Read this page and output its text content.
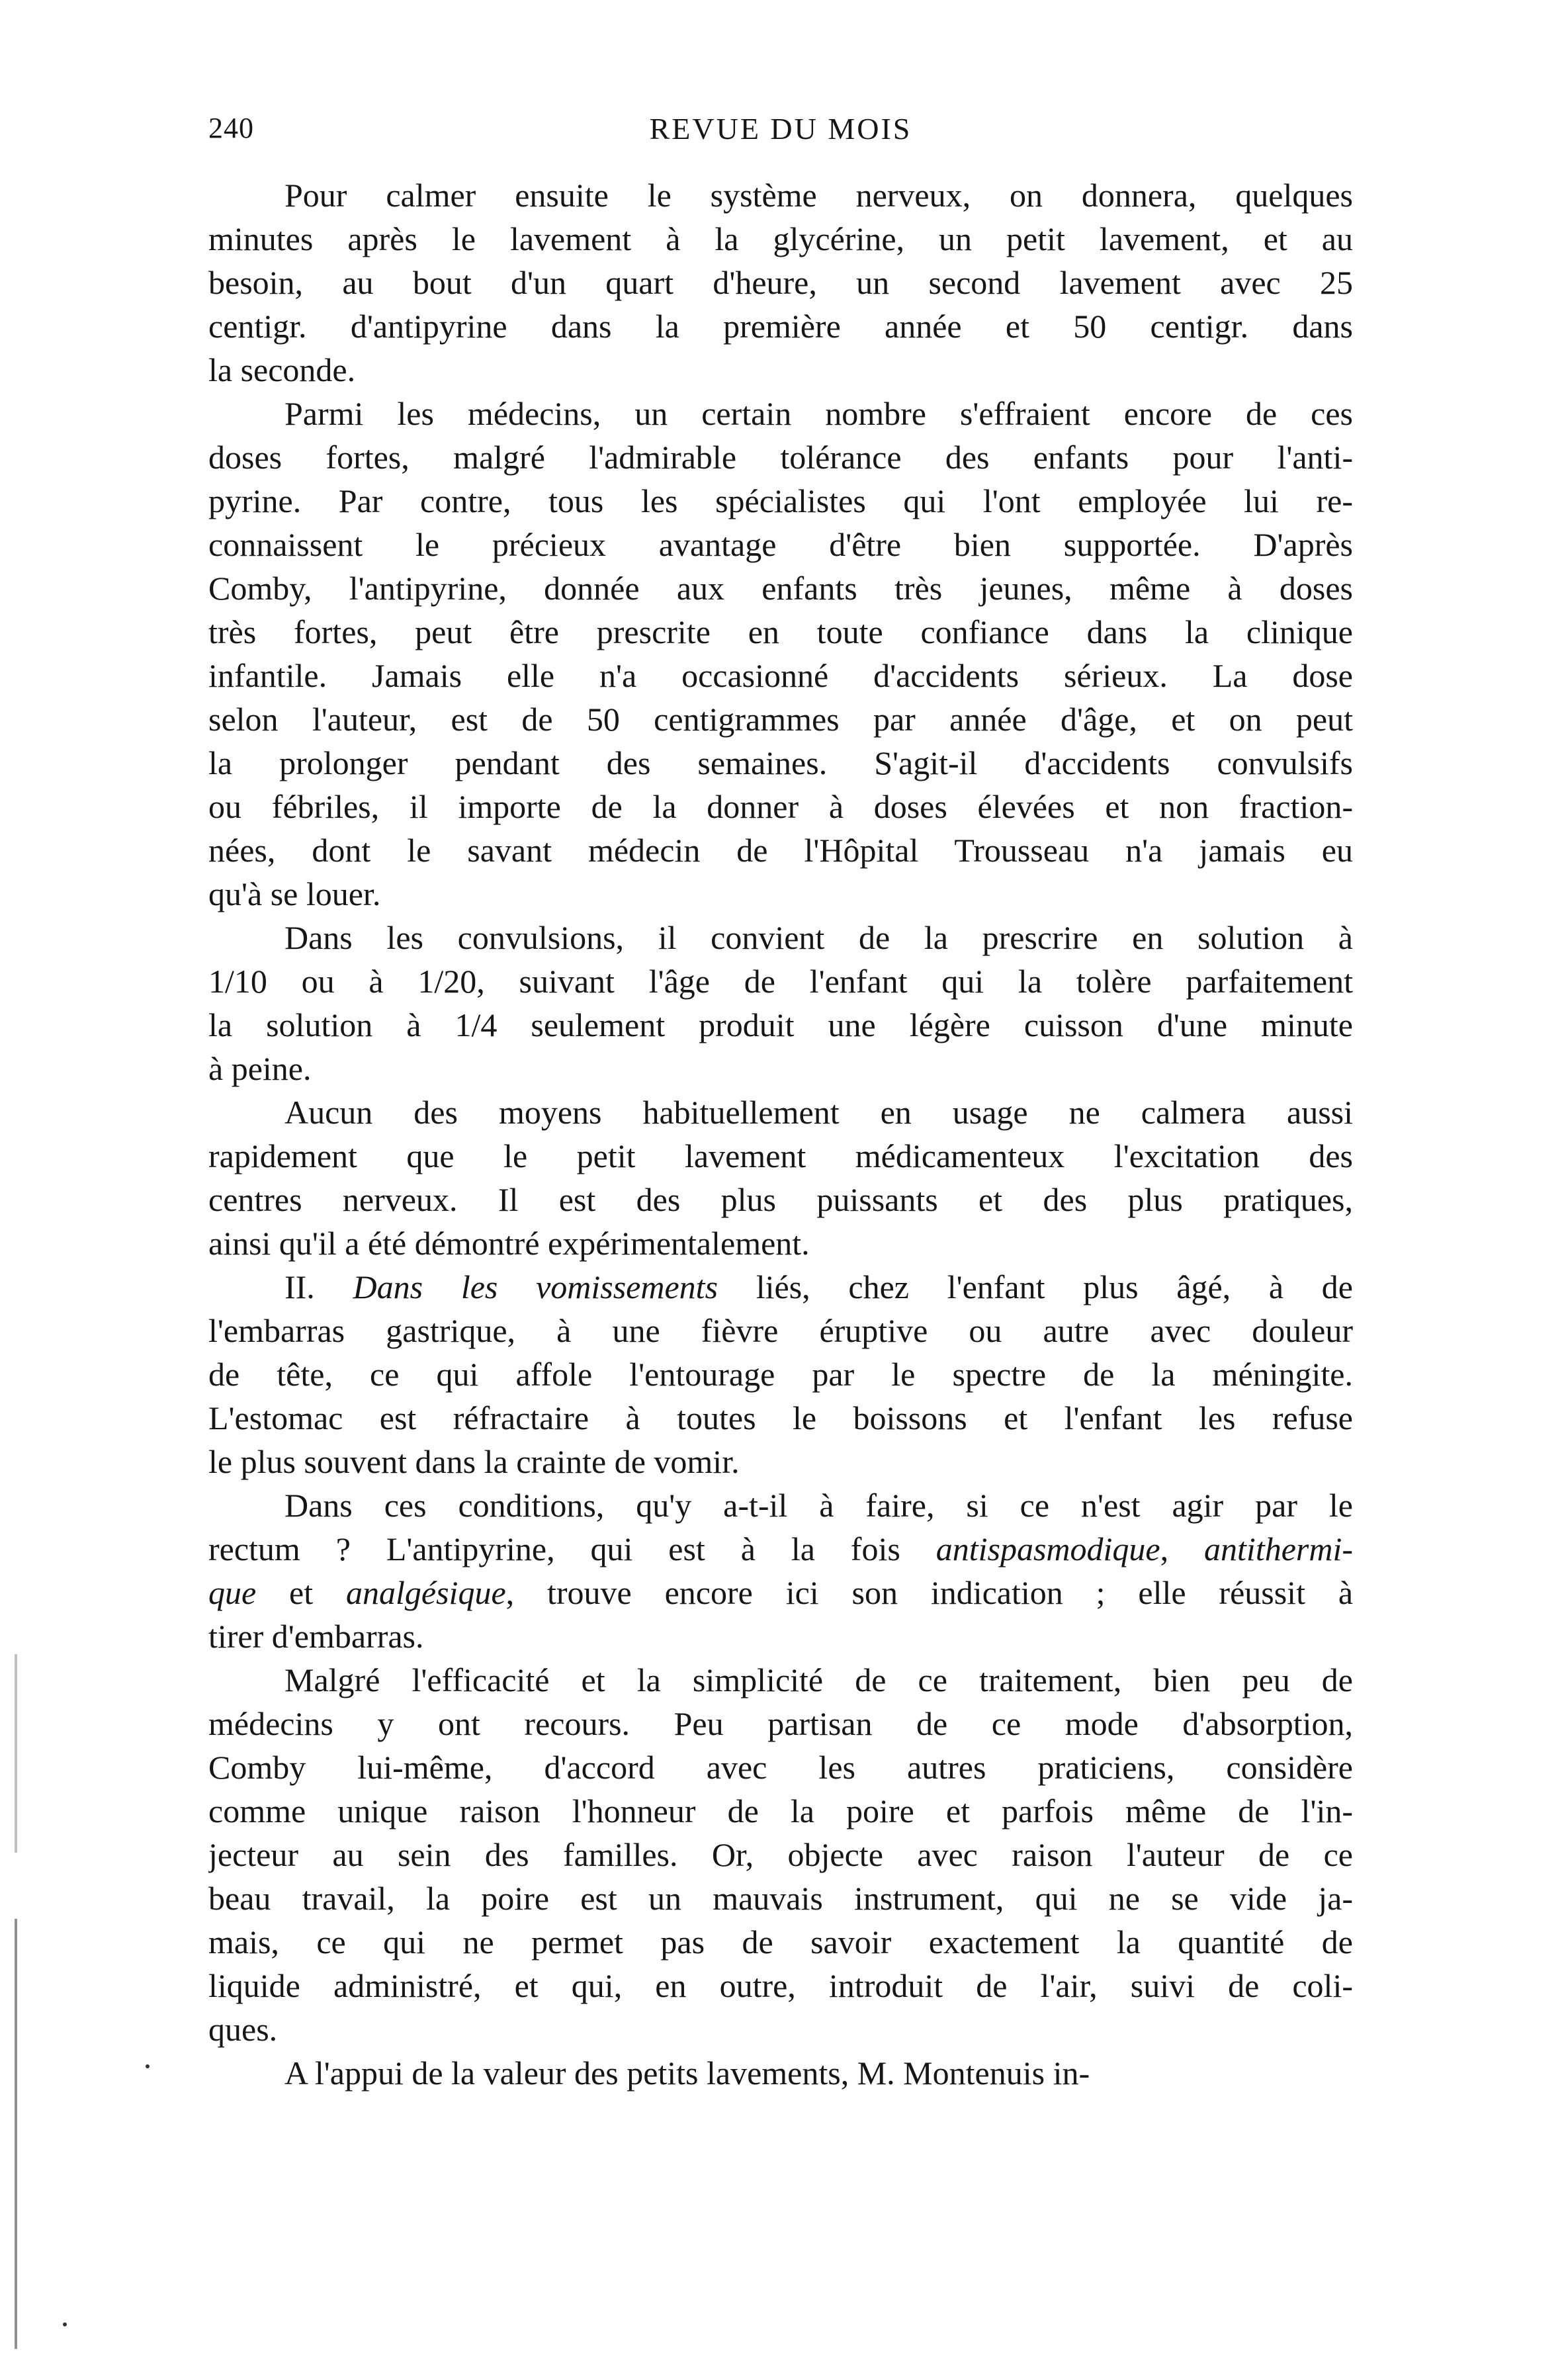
240	REVUE DU MOIS
Pour calmer ensuite le système nerveux, on donnera, quelques
minutes après le lavement à la glycérine, un petit lavement, et au
besoin, au bout d'un quart d'heure, un second lavement avec 25
centigr. d'antipyrine dans la première année et 50 centigr. dans
la seconde.
Parmi les médecins, un certain nombre s'effraient encore de ces
doses fortes, malgré l'admirable tolérance des enfants pour l'anti-
pyrine. Par contre, tous les spécialistes qui l'ont employée lui re-
connaissent le précieux avantage d'être bien supportée. D'après
Comby, l'antipyrine, donnée aux enfants très jeunes, même à doses
très fortes, peut être prescrite en toute confiance dans la clinique
infantile. Jamais elle n'a occasionné d'accidents sérieux. La dose
selon l'auteur, est de 50 centigrammes par année d'âge, et on peut
la prolonger pendant des semaines. S'agit-il d'accidents convulsifs
ou fébriles, il importe de la donner à doses élevées et non fraction-
nées, dont le savant médecin de l'Hôpital Trousseau n'a jamais eu
qu'à se louer.
Dans les convulsions, il convient de la prescrire en solution à
1/10 ou à 1/20, suivant l'âge de l'enfant qui la tolère parfaitement
la solution à 1/4 seulement produit une légère cuisson d'une minute
à peine.
Aucun des moyens habituellement en usage ne calmera aussi
rapidement que le petit lavement médicamenteux l'excitation des
centres nerveux. Il est des plus puissants et des plus pratiques,
ainsi qu'il a été démontré expérimentalement.
II. Dans les vomissements liés, chez l'enfant plus âgé, à de
l'embarras gastrique, à une fièvre éruptive ou autre avec douleur
de tête, ce qui affole l'entourage par le spectre de la méningite.
L'estomac est réfractaire à toutes le boissons et l'enfant les refuse
le plus souvent dans la crainte de vomir.
Dans ces conditions, qu'y a-t-il à faire, si ce n'est agir par le
rectum ? L'antipyrine, qui est à la fois antispasmodique, antithermi-
que et analgésique, trouve encore ici son indication ; elle réussit à
tirer d'embarras.
Malgré l'efficacité et la simplicité de ce traitement, bien peu de
médecins y ont recours. Peu partisan de ce mode d'absorption,
Comby lui-même, d'accord avec les autres praticiens, considère
comme unique raison l'honneur de la poire et parfois même de l'in-
jecteur au sein des familles. Or, objecte avec raison l'auteur de ce
beau travail, la poire est un mauvais instrument, qui ne se vide ja-
mais, ce qui ne permet pas de savoir exactement la quantité de
liquide administré, et qui, en outre, introduit de l'air, suivi de coli-
ques.
A l'appui de la valeur des petits lavements, M. Montenuis in-
